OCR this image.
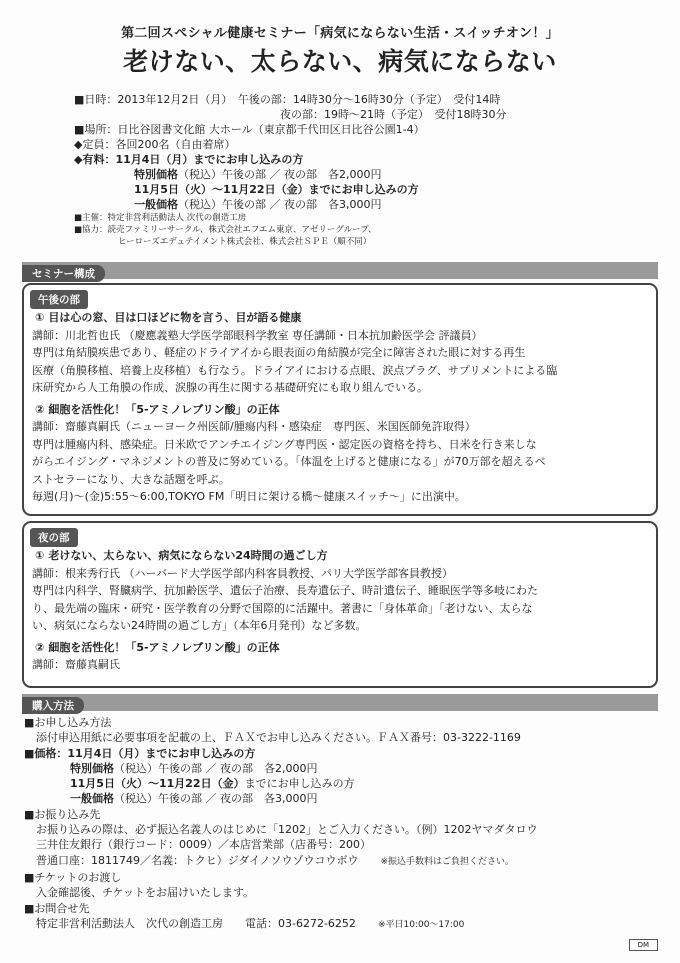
第二回スペシャル健康セミナー「病気にならない生活・スイッチオン！」
老けない、太らない、病気にならない
■日時：2013年12月2日（月）　午後の部：14時30分〜16時30分（予定）　受付14時
夜の部：19時〜21時（予定）　受付18時30分
■場所：日比谷図書文化館 大ホール（東京都千代田区日比谷公園1-4）
◆定員：各回200名（自由着席）
◆有料：11月4日（月）までにお申し込みの方
特別価格（税込）午後の部 ／ 夜の部　各2,000円
11月5日（火）〜11月22日（金）までにお申し込みの方
一般価格（税込）午後の部 ／ 夜の部　各3,000円
■主催：特定非営利活動法人 次代の創造工房
■協力：読売ファミリーサークル、株式会社エフエム東京、アゼリーグループ、
ヒーローズエデュテイメント株式会社、株式会社ＳＰＥ（順不同）
セミナー構成
午後の部
① 目は心の窓、目は口ほどに物を言う、目が語る健康
講師：川北哲也氏 （慶應義塾大学医学部眼科学教室 専任講師・日本抗加齢医学会 評議員）
専門は角結膜疾患であり、軽症のドライアイから眼表面の角結膜が完全に障害された眼に対する再生
医療（角膜移植、培養上皮移植）も行なう。ドライアイにおける点眼、涙点プラグ、サプリメントによる臨
床研究から人工角膜の作成、涙腺の再生に関する基礎研究にも取り組んでいる。
② 細胞を活性化！「5-アミノレブリン酸」の正体
講師：齋藤真嗣氏（ニューヨーク州医師/腫瘍内科・感染症　専門医、米国医師免許取得）
専門は腫瘍内科、感染症。日米欧でアンチエイジング専門医・認定医の資格を持ち、日米を行き来しな
がらエイジング・マネジメントの普及に努めている。「体温を上げると健康になる」が70万部を超えるベ
ストセラーになり、大きな話題を呼ぶ。
毎週(月)〜(金)5:55〜6:00,TOKYO FM「明日に架ける橋〜健康スイッチ〜」に出演中。
夜の部
① 老けない、太らない、病気にならない24時間の過ごし方
講師：根来秀行氏 （ハーバード大学医学部内科客員教授、パリ大学医学部客員教授）
専門は内科学、腎臓病学、抗加齢医学、遺伝子治療、長寿遺伝子、時計遺伝子、睡眠医学等多岐にわた
り、最先端の臨床・研究・医学教育の分野で国際的に活躍中。著書に「身体革命」「老けない、太らな
い、病気にならない24時間の過ごし方」（本年6月発刊）など多数。
② 細胞を活性化！「5-アミノレブリン酸」の正体
講師：齋藤真嗣氏
購入方法
■お申し込み方法
添付申込用紙に必要事項を記載の上、ＦＡＸでお申し込みください。ＦＡＸ番号：03-3222-1169
■価格：11月4日（月）までにお申し込みの方
特別価格（税込）午後の部 ／ 夜の部　各2,000円
11月5日（火）〜11月22日（金）までにお申し込みの方
一般価格（税込）午後の部 ／ 夜の部　各3,000円
■お振り込み先
お振り込みの際は、必ず振込名義人のはじめに「1202」とご入力ください。（例）1202ヤマダタロウ
三井住友銀行（銀行コード：0009）／本店営業部（店番号：200）
普通口座：1811749／名義：トクヒ）ジダイノソウゾウコウボウ ※振込手数料はご負担ください。
■チケットのお渡し
入金確認後、チケットをお届けいたします。
■お問合せ先
特定非営利活動法人　次代の創造工房 電話：03-6272-6252 ※平日10:00〜17:00
DM
